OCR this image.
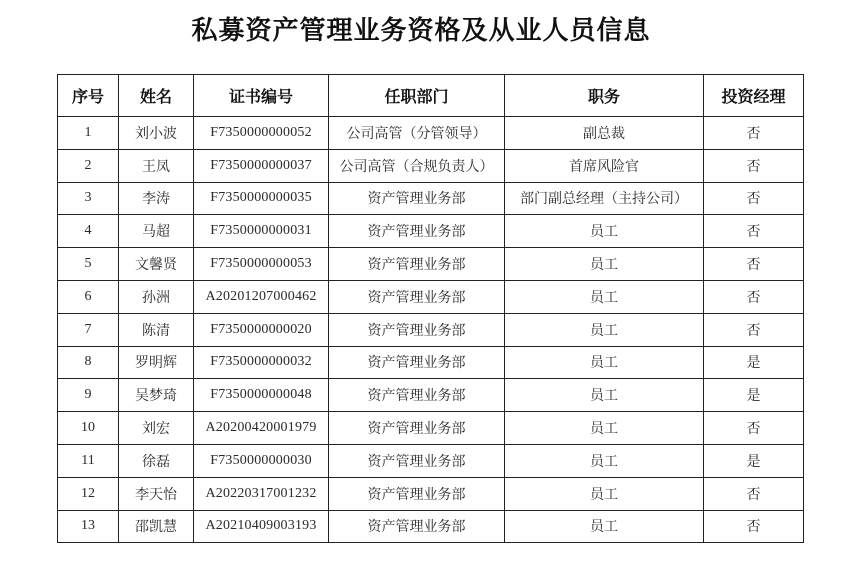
私募资产管理业务资格及从业人员信息
序号	姓名	证书编号	任职部门	职务	投资经理
1	刘小波	F7350000000052	公司高管（分管领导）	副总裁	否
2	王凤	F7350000000037	公司高管（合规负责人）	首席风险官	否
3	李涛	F7350000000035	资产管理业务部	部门副总经理（主持公司）	否
4	马超	F7350000000031	资产管理业务部	员工	否
5	文馨贤	F7350000000053	资产管理业务部	员工	否
6	孙洲	A20201207000462	资产管理业务部	员工	否
7	陈清	F7350000000020	资产管理业务部	员工	否
8	罗明辉	F7350000000032	资产管理业务部	员工	是
9	吴梦琦	F7350000000048	资产管理业务部	员工	是
10	刘宏	A20200420001979	资产管理业务部	员工	否
11	徐磊	F7350000000030	资产管理业务部	员工	是
12	李天怡	A20220317001232	资产管理业务部	员工	否
13	邵凯慧	A20210409003193	资产管理业务部	员工	否
